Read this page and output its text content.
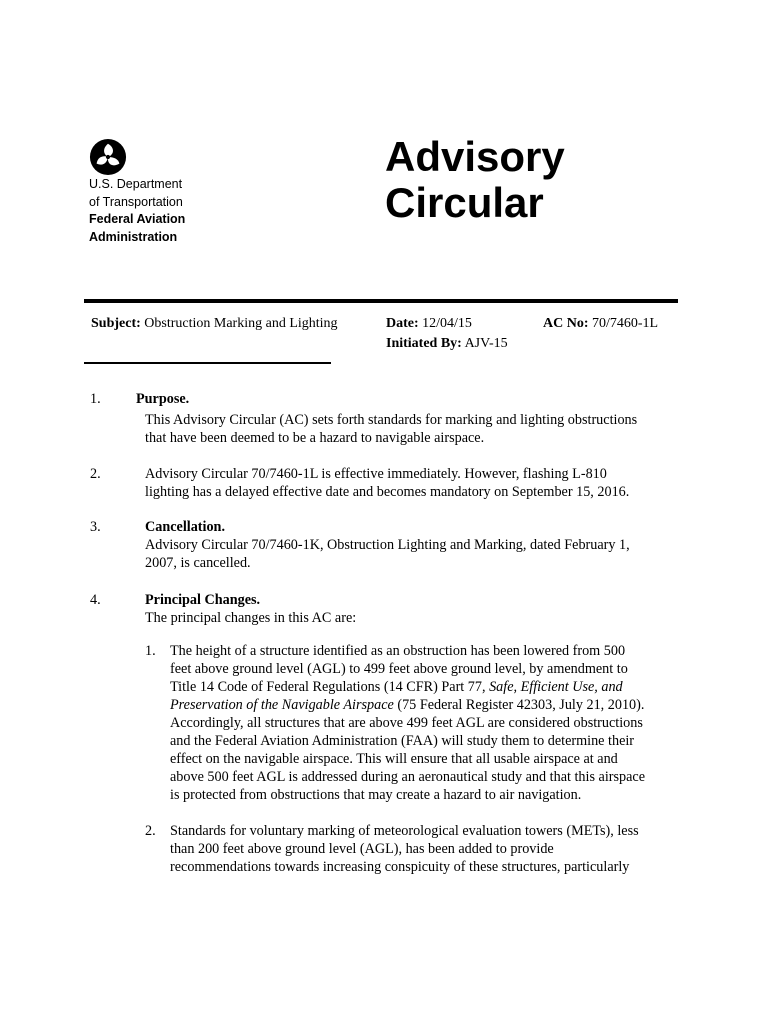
U.S. Department
of Transportation
Federal Aviation
Administration
Advisory
Circular
Subject: Obstruction Marking and Lighting	Date: 12/04/15	AC No: 70/7460-1L
Initiated By: AJV-15
1. Purpose.
This Advisory Circular (AC) sets forth standards for marking and lighting obstructions
that have been deemed to be a hazard to navigable airspace.
2.	Advisory Circular 70/7460-1L is effective immediately. However, flashing L-810
lighting has a delayed effective date and becomes mandatory on September 15, 2016.
3.	Cancellation.
Advisory Circular 70/7460-1K, Obstruction Lighting and Marking, dated February 1,
2007, is cancelled.
4.	Principal Changes.
The principal changes in this AC are:
1. The height of a structure identified as an obstruction has been lowered from 500
feet above ground level (AGL) to 499 feet above ground level, by amendment to
Title 14 Code of Federal Regulations (14 CFR) Part 77, Safe, Efficient Use, and
Preservation of the Navigable Airspace (75 Federal Register 42303, July 21, 2010).
Accordingly, all structures that are above 499 feet AGL are considered obstructions
and the Federal Aviation Administration (FAA) will study them to determine their
effect on the navigable airspace. This will ensure that all usable airspace at and
above 500 feet AGL is addressed during an aeronautical study and that this airspace
is protected from obstructions that may create a hazard to air navigation.
2. Standards for voluntary marking of meteorological evaluation towers (METs), less
than 200 feet above ground level (AGL), has been added to provide
recommendations towards increasing conspicuity of these structures, particularly
